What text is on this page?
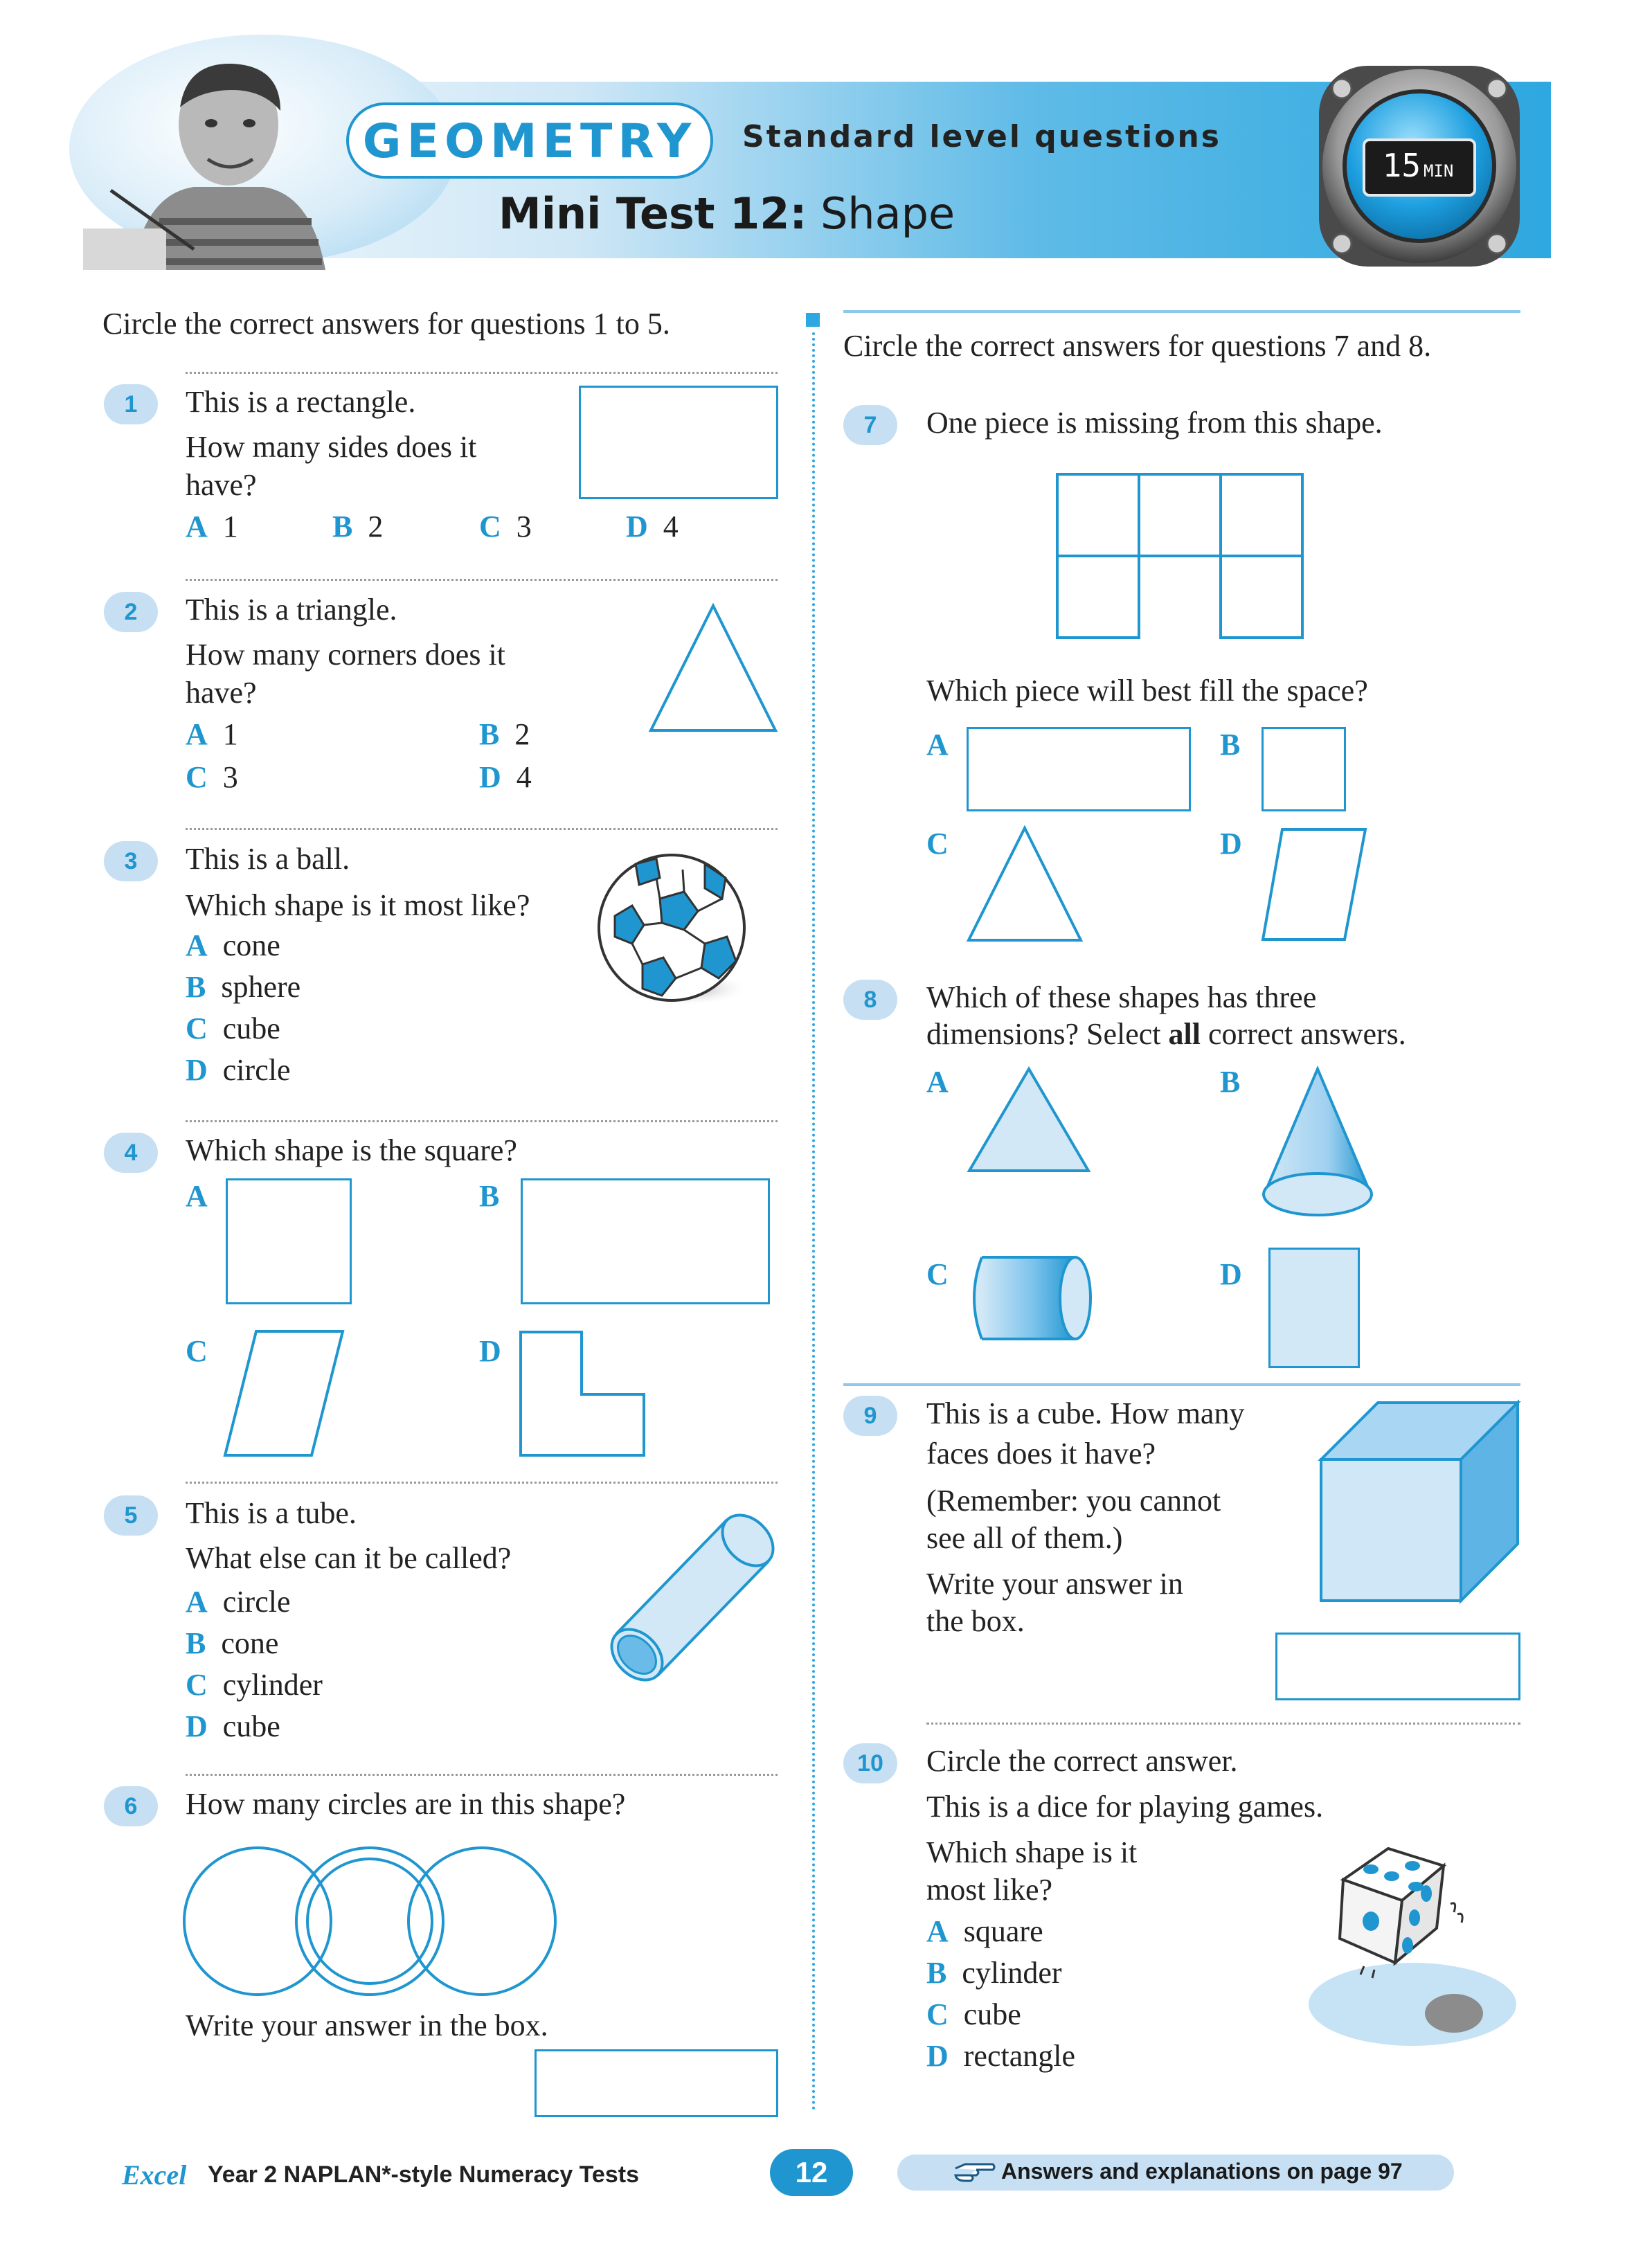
GEOMETRY	Standard level questions
Mini Test 12: Shape
15 MIN
Circle the correct answers for questions 1 to 5.
1	This is a rectangle.
How many sides does it
have?
A 1	B 2	C 3	D 4
2	This is a triangle.
How many corners does it
have?
A 1	B 2
C 3	D 4
3	This is a ball.
Which shape is it most like?
A cone
B sphere
C cube
D circle
4	Which shape is the square?
A	B
C	D
5	This is a tube.
What else can it be called?
A circle
B cone
C cylinder
D cube
6	How many circles are in this shape?
Write your answer in the box.
Circle the correct answers for questions 7 and 8.
7	One piece is missing from this shape.
Which piece will best fill the space?
A	B
C	D
8	Which of these shapes has three
dimensions? Select all correct answers.
A	B
C	D
9	This is a cube. How many
faces does it have?
(Remember: you cannot
see all of them.)
Write your answer in
the box.
10	Circle the correct answer.
This is a dice for playing games.
Which shape is it
most like?
A square
B cylinder
C cube
D rectangle
Excel Year 2 NAPLAN*-style Numeracy Tests	12	Answers and explanations on page 97
